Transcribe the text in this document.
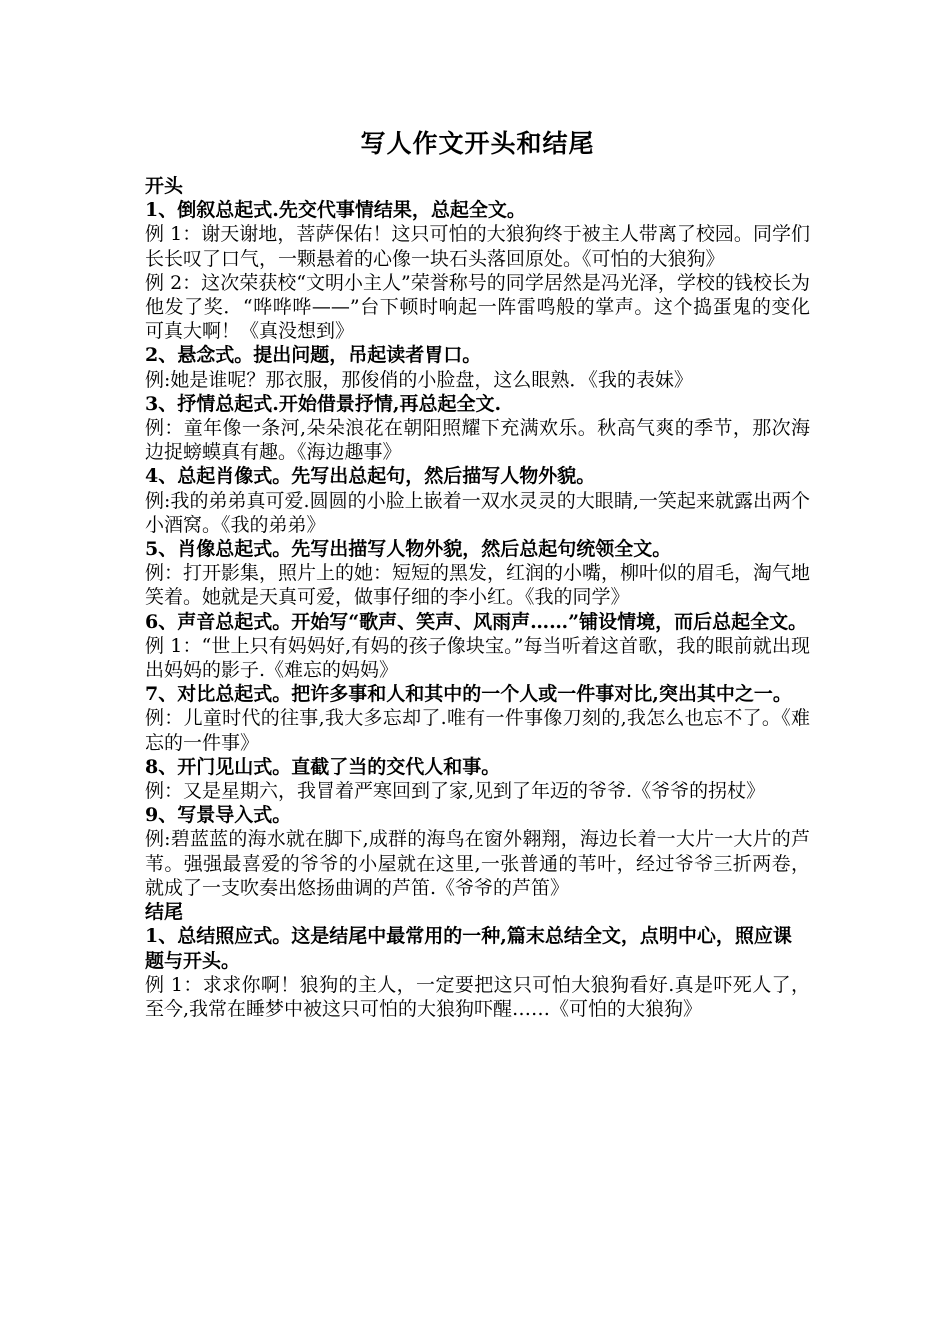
写人作文开头和结尾
开头
1、倒叙总起式.先交代事情结果，总起全文。
例 1：谢天谢地，菩萨保佑！这只可怕的大狼狗终于被主人带离了校园。同学们长长叹了口气，一颗悬着的心像一块石头落回原处。《可怕的大狼狗》
例 2：这次荣获校“文明小主人”荣誉称号的同学居然是冯光泽，学校的钱校长为他发了奖．“哗哗哗——”台下顿时响起一阵雷鸣般的掌声。这个捣蛋鬼的变化可真大啊！《真没想到》
2、悬念式。提出问题，吊起读者胃口。
例:她是谁呢？那衣服，那俊俏的小脸盘，这么眼熟．《我的表妹》
3、抒情总起式.开始借景抒情,再总起全文.
例：童年像一条河,朵朵浪花在朝阳照耀下充满欢乐。秋高气爽的季节，那次海边捉螃蟆真有趣。《海边趣事》
4、总起肖像式。先写出总起句，然后描写人物外貌。
例:我的弟弟真可爱.圆圆的小脸上嵌着一双水灵灵的大眼睛,一笑起来就露出两个小酒窝。《我的弟弟》
5、肖像总起式。先写出描写人物外貌，然后总起句统领全文。
例：打开影集，照片上的她：短短的黑发，红润的小嘴，柳叶似的眉毛，淘气地笑着。她就是天真可爱，做事仔细的李小红。《我的同学》
6、声音总起式。开始写“歌声、笑声、风雨声……”铺设情境，而后总起全文。
例 1：“世上只有妈妈好,有妈的孩子像块宝。”每当听着这首歌，我的眼前就出现出妈妈的影子.《难忘的妈妈》
7、对比总起式。把许多事和人和其中的一个人或一件事对比,突出其中之一。
例：儿童时代的往事,我大多忘却了.唯有一件事像刀刻的,我怎么也忘不了。《难忘的一件事》
8、开门见山式。直截了当的交代人和事。
例：又是星期六，我冒着严寒回到了家,见到了年迈的爷爷.《爷爷的拐杖》
9、写景导入式。
例:碧蓝蓝的海水就在脚下,成群的海鸟在窗外翱翔，海边长着一大片一大片的芦苇。强强最喜爱的爷爷的小屋就在这里,一张普通的苇叶，经过爷爷三折两卷，就成了一支吹奏出悠扬曲调的芦笛.《爷爷的芦笛》
结尾
1、总结照应式。这是结尾中最常用的一种,篇末总结全文，点明中心，照应课题与开头。
例 1：求求你啊！狼狗的主人，一定要把这只可怕大狼狗看好.真是吓死人了，至今,我常在睡梦中被这只可怕的大狼狗吓醒……《可怕的大狼狗》
